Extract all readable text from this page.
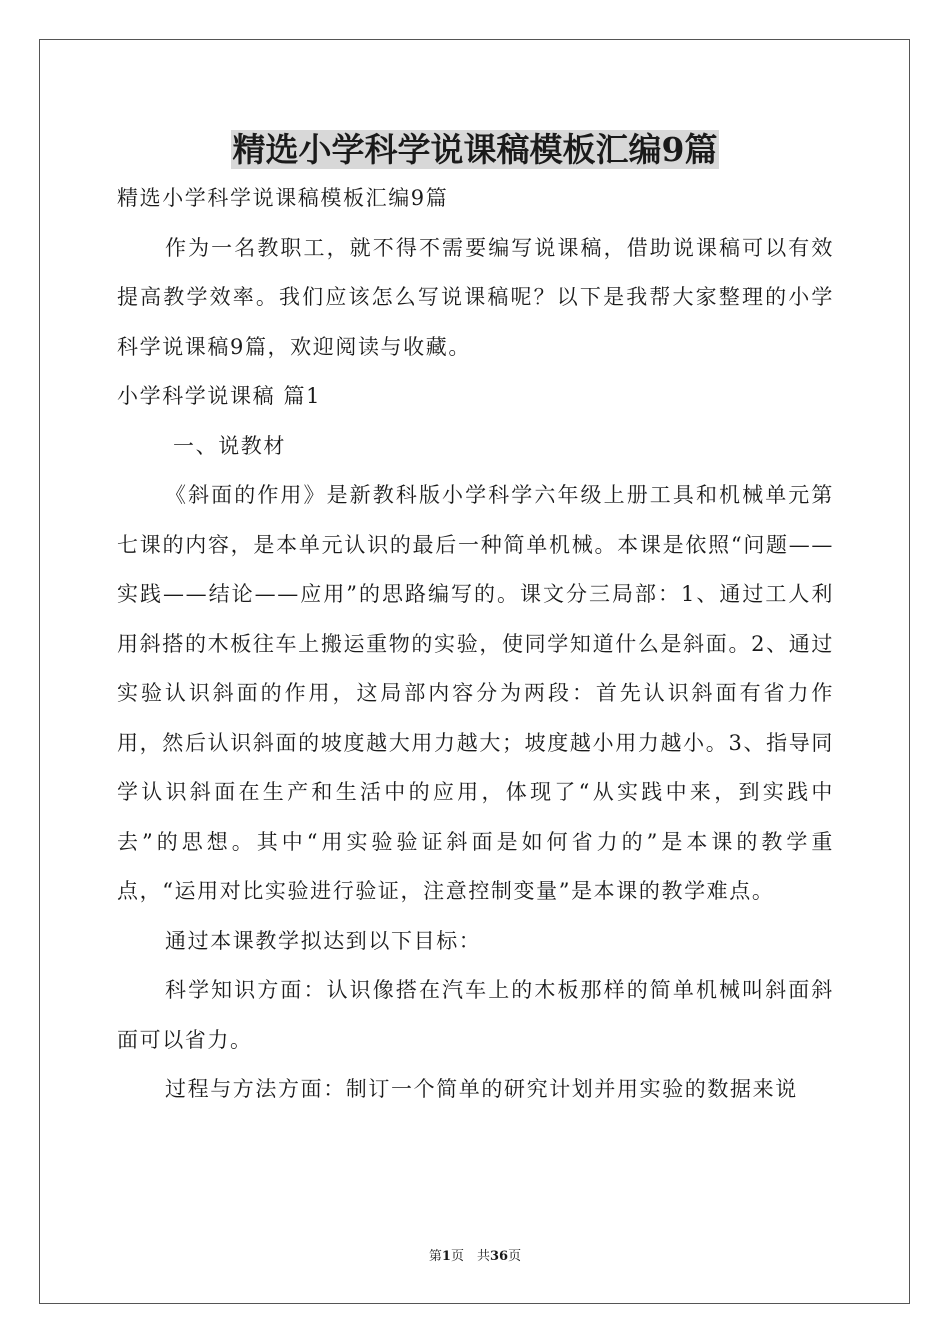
精选小学科学说课稿模板汇编9篇

精选小学科学说课稿模板汇编9篇

作为一名教职工，就不得不需要编写说课稿，借助说课稿可以有效提高教学效率。我们应该怎么写说课稿呢？以下是我帮大家整理的小学科学说课稿9篇，欢迎阅读与收藏。

小学科学说课稿 篇1

一、说教材

《斜面的作用》是新教科版小学科学六年级上册工具和机械单元第七课的内容，是本单元认识的最后一种简单机械。本课是依照“问题——实践——结论——应用”的思路编写的。课文分三局部：1、通过工人利用斜搭的木板往车上搬运重物的实验，使同学知道什么是斜面。2、通过实验认识斜面的作用，这局部内容分为两段：首先认识斜面有省力作用，然后认识斜面的坡度越大用力越大；坡度越小用力越小。3、指导同学认识斜面在生产和生活中的应用，体现了“从实践中来，到实践中去”的思想。其中“用实验验证斜面是如何省力的”是本课的教学重点，“运用对比实验进行验证，注意控制变量”是本课的教学难点。

通过本课教学拟达到以下目标：

科学知识方面：认识像搭在汽车上的木板那样的简单机械叫斜面斜面可以省力。

过程与方法方面：制订一个简单的研究计划并用实验的数据来说

第1页　共36页
